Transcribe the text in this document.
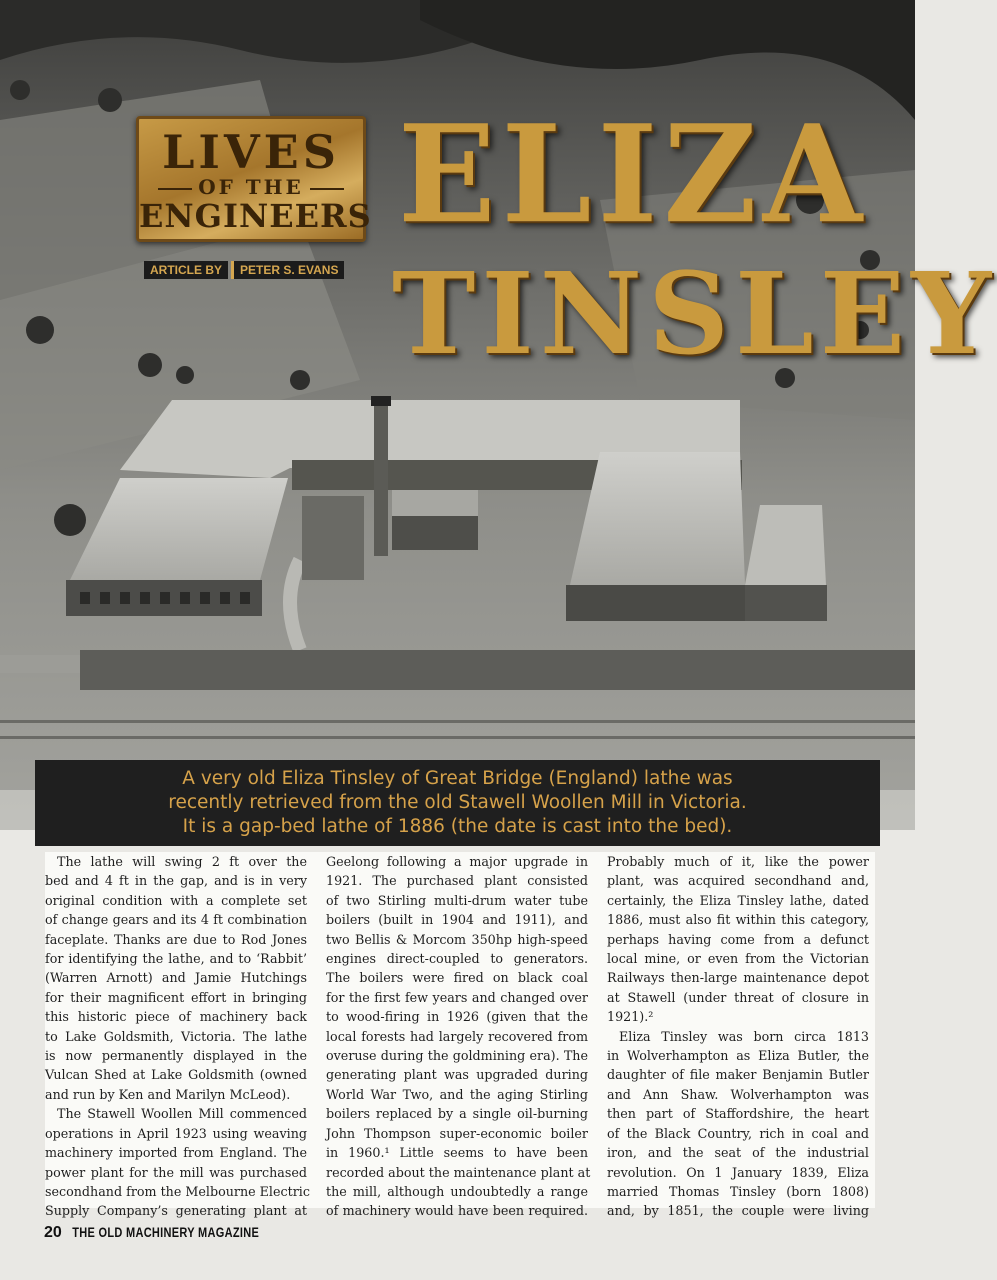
LIVES
OF THE
ENGINEERS
ARTICLE BY PETER S. EVANS
ELIZA
TINSLEY
A very old Eliza Tinsley of Great Bridge (England) lathe was
recently retrieved from the old Stawell Woollen Mill in Victoria.
It is a gap-bed lathe of 1886 (the date is cast into the bed).
The lathe will swing 2 ft over the
bed and 4 ft in the gap, and is in very
original condition with a complete set
of change gears and its 4 ft combination
faceplate. Thanks are due to Rod Jones
for identifying the lathe, and to ‘Rabbit’
(Warren Arnott) and Jamie Hutchings
for their magnificent effort in bringing
this historic piece of machinery back
to Lake Goldsmith, Victoria. The lathe
is now permanently displayed in the
Vulcan Shed at Lake Goldsmith (owned
and run by Ken and Marilyn McLeod).
The Stawell Woollen Mill commenced
operations in April 1923 using weaving
machinery imported from England. The
power plant for the mill was purchased
secondhand from the Melbourne Electric
Supply Company’s generating plant at
Geelong following a major upgrade in
1921. The purchased plant consisted
of two Stirling multi-drum water tube
boilers (built in 1904 and 1911), and
two Bellis & Morcom 350hp high-speed
engines direct-coupled to generators.
The boilers were fired on black coal
for the first few years and changed over
to wood-firing in 1926 (given that the
local forests had largely recovered from
overuse during the goldmining era). The
generating plant was upgraded during
World War Two, and the aging Stirling
boilers replaced by a single oil-burning
John Thompson super-economic boiler
in 1960.¹ Little seems to have been
recorded about the maintenance plant at
the mill, although undoubtedly a range
of machinery would have been required.
Probably much of it, like the power
plant, was acquired secondhand and,
certainly, the Eliza Tinsley lathe, dated
1886, must also fit within this category,
perhaps having come from a defunct
local mine, or even from the Victorian
Railways then-large maintenance depot
at Stawell (under threat of closure in
1921).²
Eliza Tinsley was born circa 1813
in Wolverhampton as Eliza Butler, the
daughter of file maker Benjamin Butler
and Ann Shaw. Wolverhampton was
then part of Staffordshire, the heart
of the Black Country, rich in coal and
iron, and the seat of the industrial
revolution. On 1 January 1839, Eliza
married Thomas Tinsley (born 1808)
and, by 1851, the couple were living
20 THE OLD MACHINERY MAGAZINE
